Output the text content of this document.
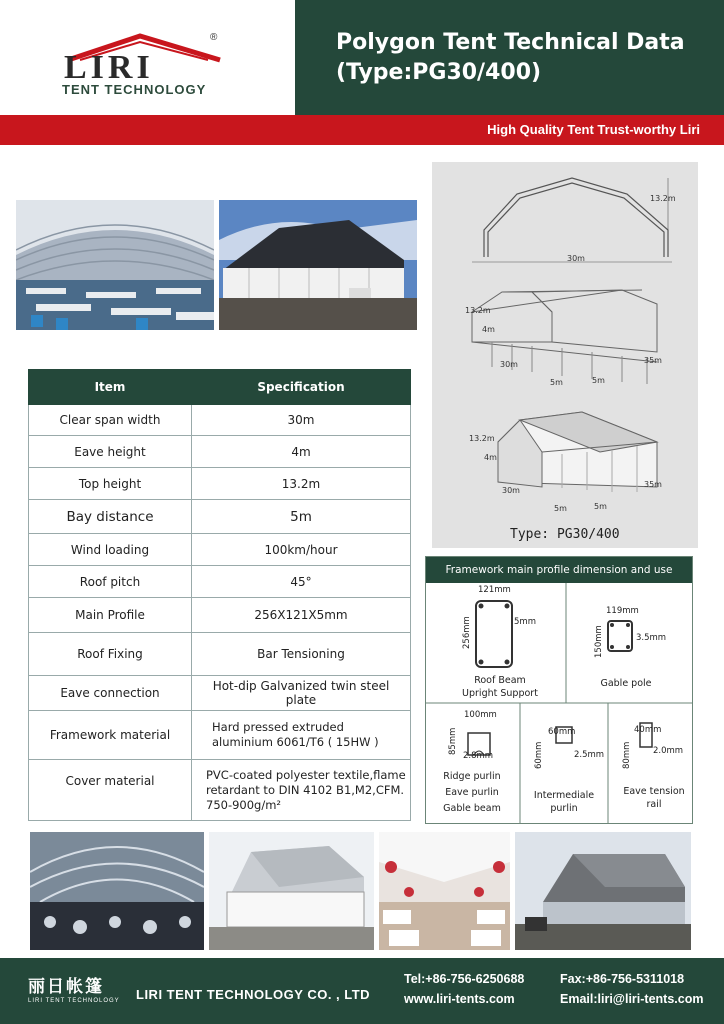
LIRI
®
TENT TECHNOLOGY
Polygon Tent Technical Data
(Type:PG30/400)
High Quality Tent Trust-worthy Liri
13.2m
30m
13.2m
4m
30m
5m	5m
35m
13.2m
4m
30m
5m	5m
35m
Type: PG30/400
Item	Specification
Clear span width	30m
Eave height	4m
Top height	13.2m
Bay distance	5m
Wind loading	100km/hour
Roof pitch	45°
Main Profile	256X121X5mm
Roof Fixing	Bar Tensioning
Eave connection	Hot-dip Galvanized twin steel plate
Framework material	Hard pressed extruded aluminium 6061/T6 ( 15HW )
Cover material	PVC-coated polyester textile,flame retardant to DIN 4102 B1,M2,CFM. 750-900g/m²
Framework main profile dimension and use
121mm
256mm	5mm
Roof Beam
Upright Support
119mm
150mm	3.5mm
Gable pole
100mm
85mm
2.8mm
Ridge purlin
Eave purlin
Gable beam
60mm
60mm	2.5mm
Intermediale
purlin
40mm
80mm 2.0mm
Eave tension
rail
丽日帐篷
LIRI TENT TECHNOLOGY LIRI TENT TECHNOLOGY CO. , LTD
Tel:+86-756-6250688	Fax:+86-756-5311018
www.liri-tents.com	Email:liri@liri-tents.com
